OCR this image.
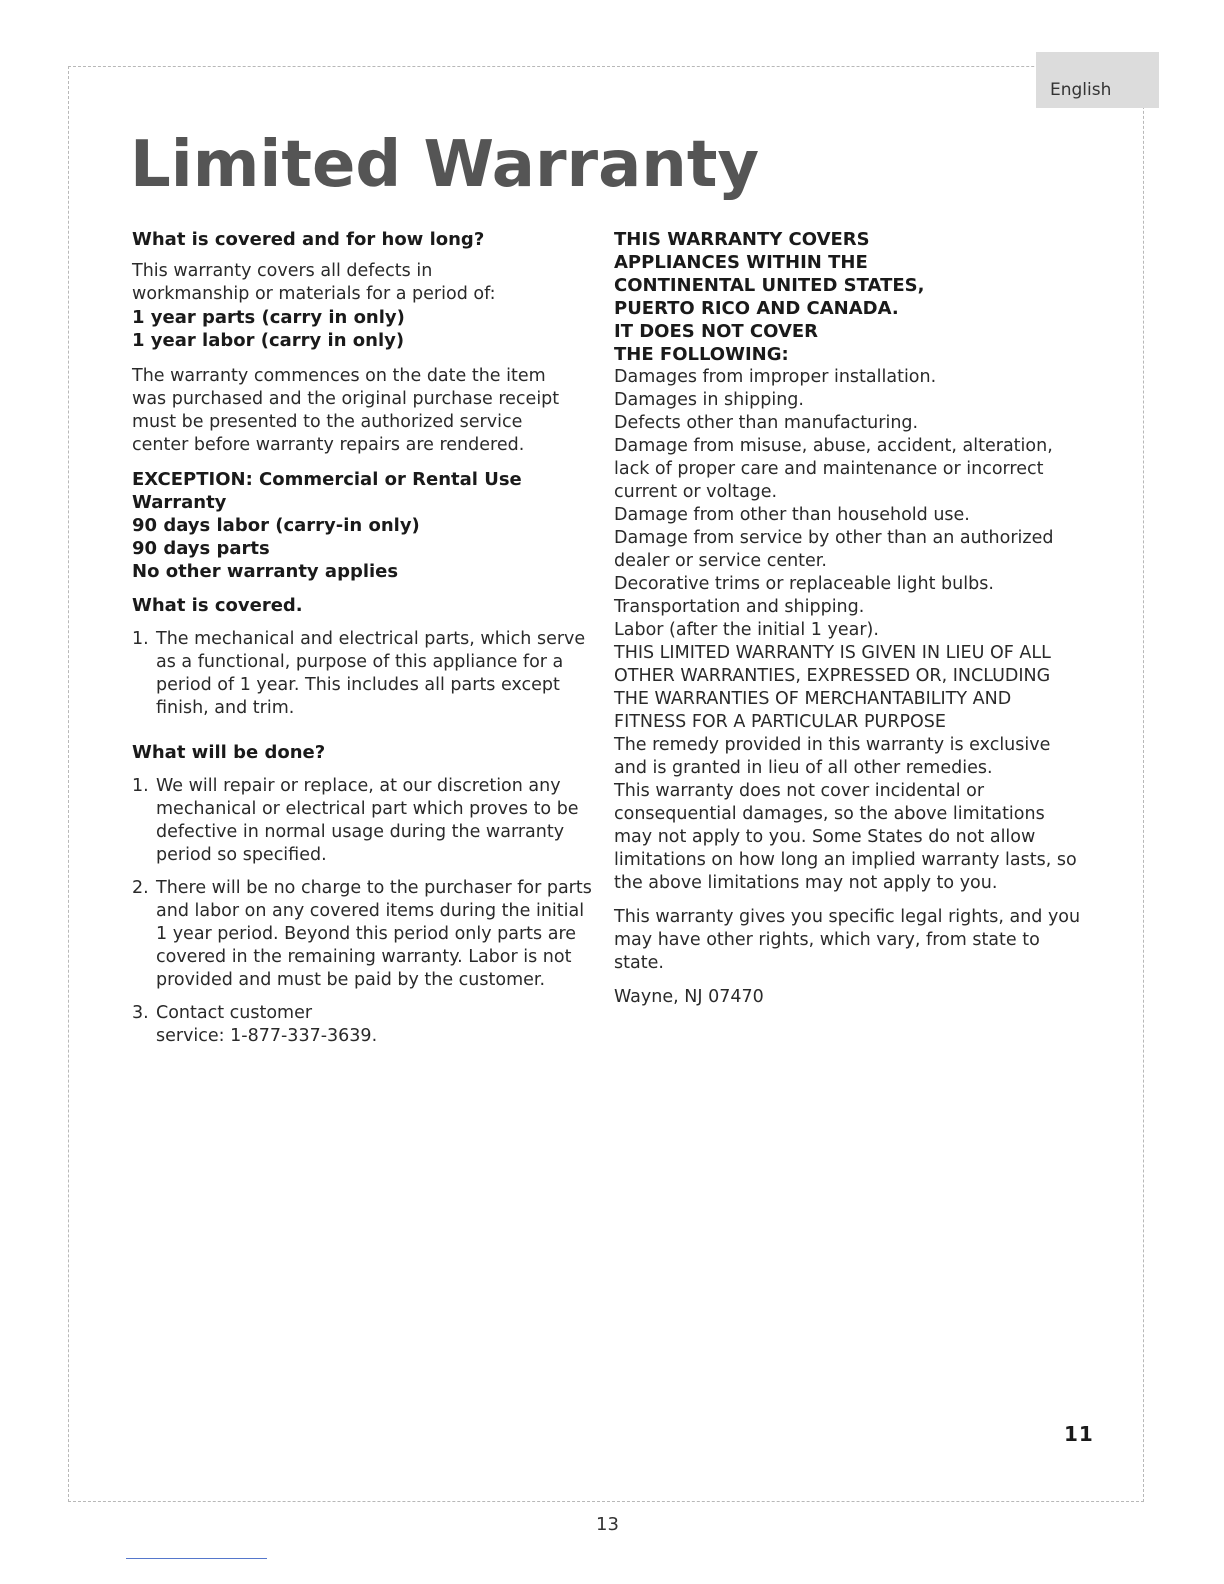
English
Limited Warranty

What is covered and for how long?

This warranty covers all defects in workmanship or materials for a period of:

1 year parts (carry in only)

1 year labor (carry in only)

The warranty commences on the date the item was purchased and the original purchase receipt must be presented to the authorized service center before warranty repairs are rendered.

EXCEPTION: Commercial or Rental Use

Warranty

90 days labor (carry-in only)

90 days parts

No other warranty applies

What is covered.

1. The mechanical and electrical parts, which serve as a functional, purpose of this appliance for a period of 1 year. This includes all parts except finish, and trim.

What will be done?

1. We will repair or replace, at our discretion any mechanical or electrical part which proves to be defective in normal usage during the warranty period so specified.
2. There will be no charge to the purchaser for parts and labor on any covered items during the initial 1 year period. Beyond this period only parts are covered in the remaining warranty. Labor is not provided and must be paid by the customer.
3. Contact customer service: 1-877-337-3639.

THIS WARRANTY COVERS

APPLIANCES WITHIN THE

CONTINENTAL UNITED STATES,

PUERTO RICO AND CANADA.

IT DOES NOT COVER

THE FOLLOWING:

Damages from improper installation.

Damages in shipping.

Defects other than manufacturing.

Damage from misuse, abuse, accident, alteration, lack of proper care and maintenance or incorrect current or voltage.

Damage from other than household use.

Damage from service by other than an authorized dealer or service center.

Decorative trims or replaceable light bulbs.

Transportation and shipping.

Labor (after the initial 1 year).

THIS LIMITED WARRANTY IS GIVEN IN LIEU OF ALL OTHER WARRANTIES, EXPRESSED OR, INCLUDING THE WARRANTIES OF MERCHANTABILITY AND FITNESS FOR A PARTICULAR PURPOSE

The remedy provided in this warranty is exclusive and is granted in lieu of all other remedies.

This warranty does not cover incidental or consequential damages, so the above limitations may not apply to you. Some States do not allow limitations on how long an implied warranty lasts, so the above limitations may not apply to you.

This warranty gives you specific legal rights, and you may have other rights, which vary, from state to state.

Wayne, NJ 07470

11
13
